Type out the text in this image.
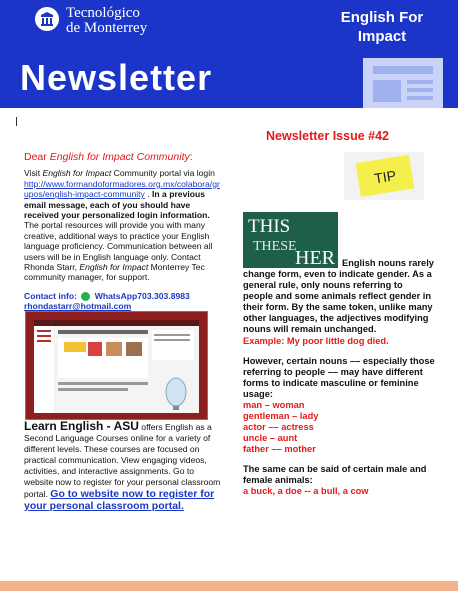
Tecnológico
de Monterrey
English For
Impact
Newsletter
Newsletter Issue #42
Dear English for Impact Community:

Visit English for Impact Community portal via login http://www.formandoformadores.org.mx/colabora/grupos/english-impact-community . In a previous email message, each of you should have received your personalized login information. The portal resources will provide you with many creative, additional ways to practice your English language proficiency. Communication between all users will be in English language only. Contact Rhonda Starr, English for Impact Monterrey Tec community manager, for support.

Contact info: WhatsApp703.303.8983
rhondastarr@hotmail.com
Learn English - ASU offers English as a Second Language Courses online for a variety of different levels. These courses are focused on practical communication. View engaging videos, activities, and interactive assignments. Go to website now to register for your personal classroom portal. Go to website now to register for your personal classroom portal.
TIP
THIS
THESE
HER English nouns rarely change form, even to indicate gender. As a general rule, only nouns referring to people and some animals reflect gender in their form. By the same token, unlike many other languages, the adjectives modifying nouns will remain unchanged.

Example: My poor little dog died.

However, certain nouns –– especially those referring to people –– may have different forms to indicate masculine or feminine usage:

man – woman
gentleman – lady
actor –– actress
uncle – aunt
father –– mother

The same can be said of certain male and female animals:

a buck, a doe -- a bull, a cow
